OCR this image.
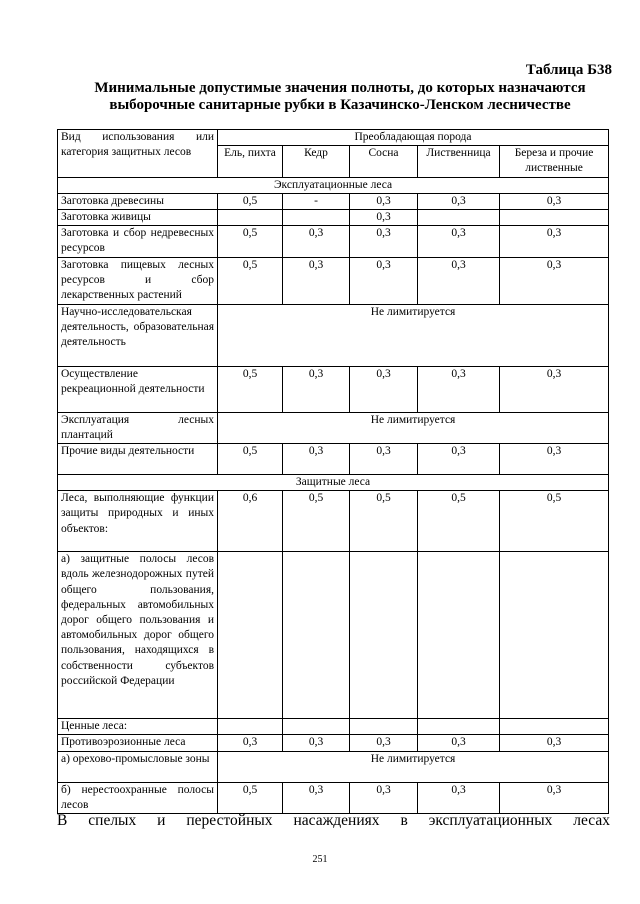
Таблица Б38
Минимальные допустимые значения полноты, до которых назначаются
выборочные санитарные рубки в Казачинско-Ленском лесничестве
Вид использования или категория защитных лесов	Преобладающая порода				
	Ель, пихта	Кедр	Сосна	Лиственница	Береза и прочие лиственные
Эксплуатационные леса					
Заготовка древесины	0,5	-	0,3	0,3	0,3
Заготовка живицы			0,3		
Заготовка и сбор недревесных ресурсов	0,5	0,3	0,3	0,3	0,3
Заготовка пищевых лесных ресурсов и сбор лекарственных растений	0,5	0,3	0,3	0,3	0,3
Научно-исследовательская деятельность, образовательная деятельность	Не лимитируется				
Осуществление рекреационной деятельности	0,5	0,3	0,3	0,3	0,3
Эксплуатация лесных плантаций	Не лимитируется				
Прочие виды деятельности	0,5	0,3	0,3	0,3	0,3
Защитные леса					
Леса, выполняющие функции защиты природных и иных объектов:	0,6	0,5	0,5	0,5	0,5
а) защитные полосы лесов вдоль железнодорожных путей общего пользования, федеральных автомобильных дорог общего пользования и автомобильных дорог общего пользования, находящихся в собственности субъектов российской Федерации					
Ценные леса:					
Противоэрозионные леса	0,3	0,3	0,3	0,3	0,3
а) орехово-промысловые зоны	Не лимитируется				
б) нерестоохранные полосы лесов	0,5	0,3	0,3	0,3	0,3
В спелых и перестойных насаждениях в эксплуатационных лесах
251
